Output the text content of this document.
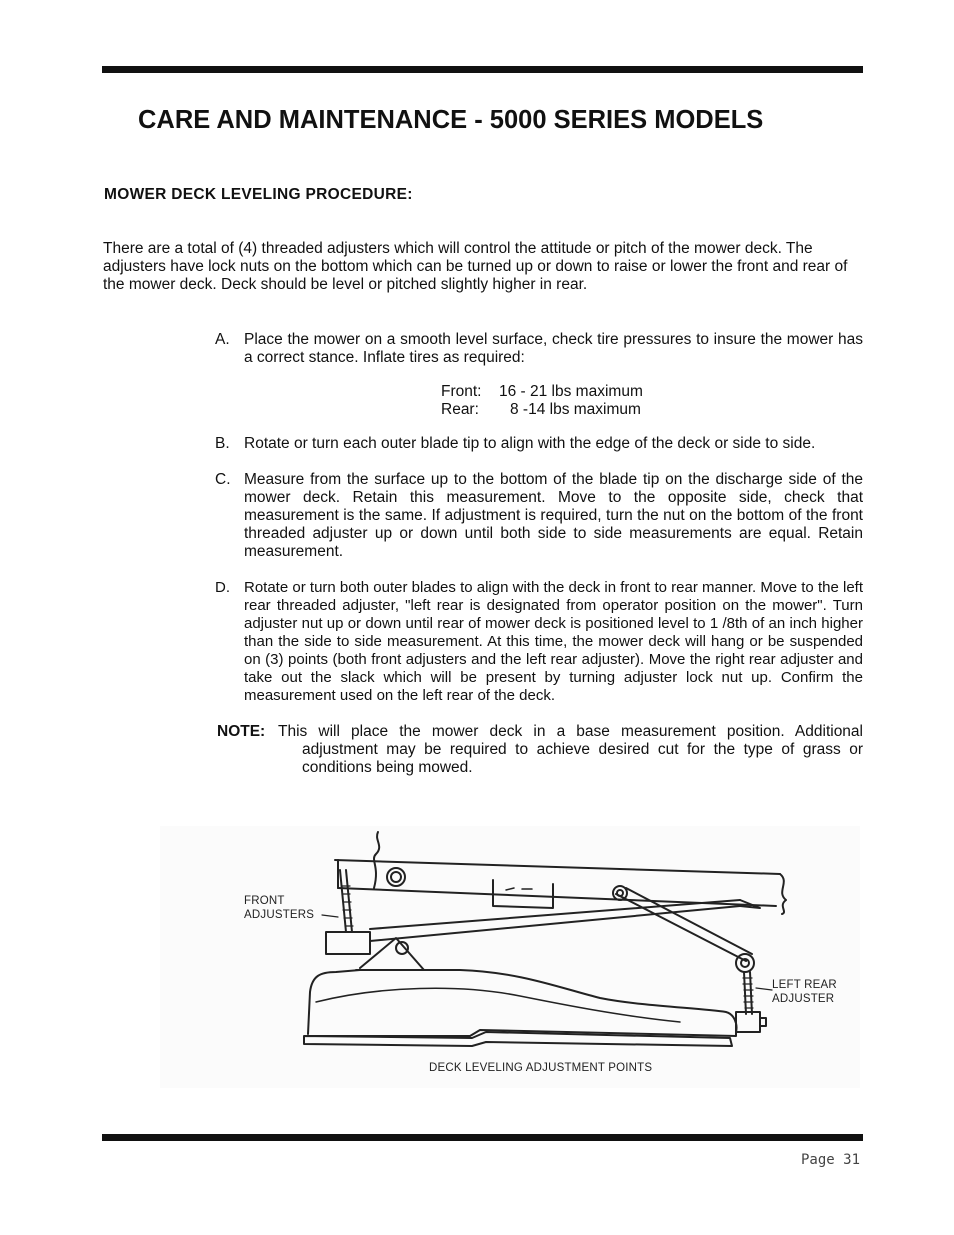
CARE AND MAINTENANCE - 5000 SERIES MODELS
MOWER DECK LEVELING PROCEDURE:

There are a total of (4) threaded adjusters which will control the attitude or pitch of the mower deck. The adjusters have lock nuts on the bottom which can be turned up or down to raise or lower the front and rear of the mower deck. Deck should be level or pitched slightly higher in rear.

A. Place the mower on a smooth level surface, check tire pressures to insure the mower has a correct stance. Inflate tires as required:
Front:	16 - 21 lbs maximum
Rear:	8 -14 lbs maximum
B. Rotate or turn each outer blade tip to align with the edge of the deck or side to side.
C. Measure from the surface up to the bottom of the blade tip on the discharge side of the mower deck. Retain this measurement. Move to the opposite side, check that measurement is the same. If adjustment is required, turn the nut on the bottom of the front threaded adjuster up or down until both side to side measurements are equal. Retain measurement.
D. Rotate or turn both outer blades to align with the deck in front to rear manner. Move to the left rear threaded adjuster, "left rear is designated from operator position on the mower". Turn adjuster nut up or down until rear of mower deck is positioned level to 1 /8th of an inch higher than the side to side measurement. At this time, the mower deck will hang or be suspended on (3) points (both front adjusters and the left rear adjuster). Move the right rear adjuster and take out the slack which will be present by turning adjuster lock nut up. Confirm the measurement used on the left rear of the deck.
NOTE: This will place the mower deck in a base measurement position. Additional adjustment may be required to achieve desired cut for the type of grass or conditions being mowed.
FRONT
ADJUSTERS
LEFT REAR
ADJUSTER
DECK LEVELING ADJUSTMENT POINTS
Page 31
